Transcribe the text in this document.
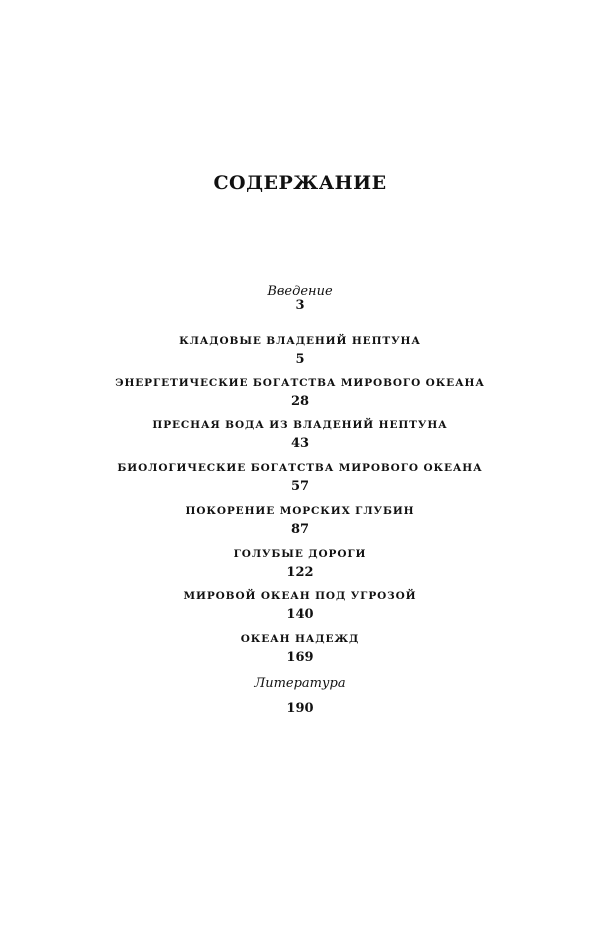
СОДЕРЖАНИЕ
Введение
3
КЛАДОВЫЕ ВЛАДЕНИЙ НЕПТУНА
5
ЭНЕРГЕТИЧЕСКИЕ БОГАТСТВА МИРОВОГО ОКЕАНА
28
ПРЕСНАЯ ВОДА ИЗ ВЛАДЕНИЙ НЕПТУНА
43
БИОЛОГИЧЕСКИЕ БОГАТСТВА МИРОВОГО ОКЕАНА
57
ПОКОРЕНИЕ МОРСКИХ ГЛУБИН
87
ГОЛУБЫЕ ДОРОГИ
122
МИРОВОЙ ОКЕАН ПОД УГРОЗОЙ
140
ОКЕАН НАДЕЖД
169
Литература
190
